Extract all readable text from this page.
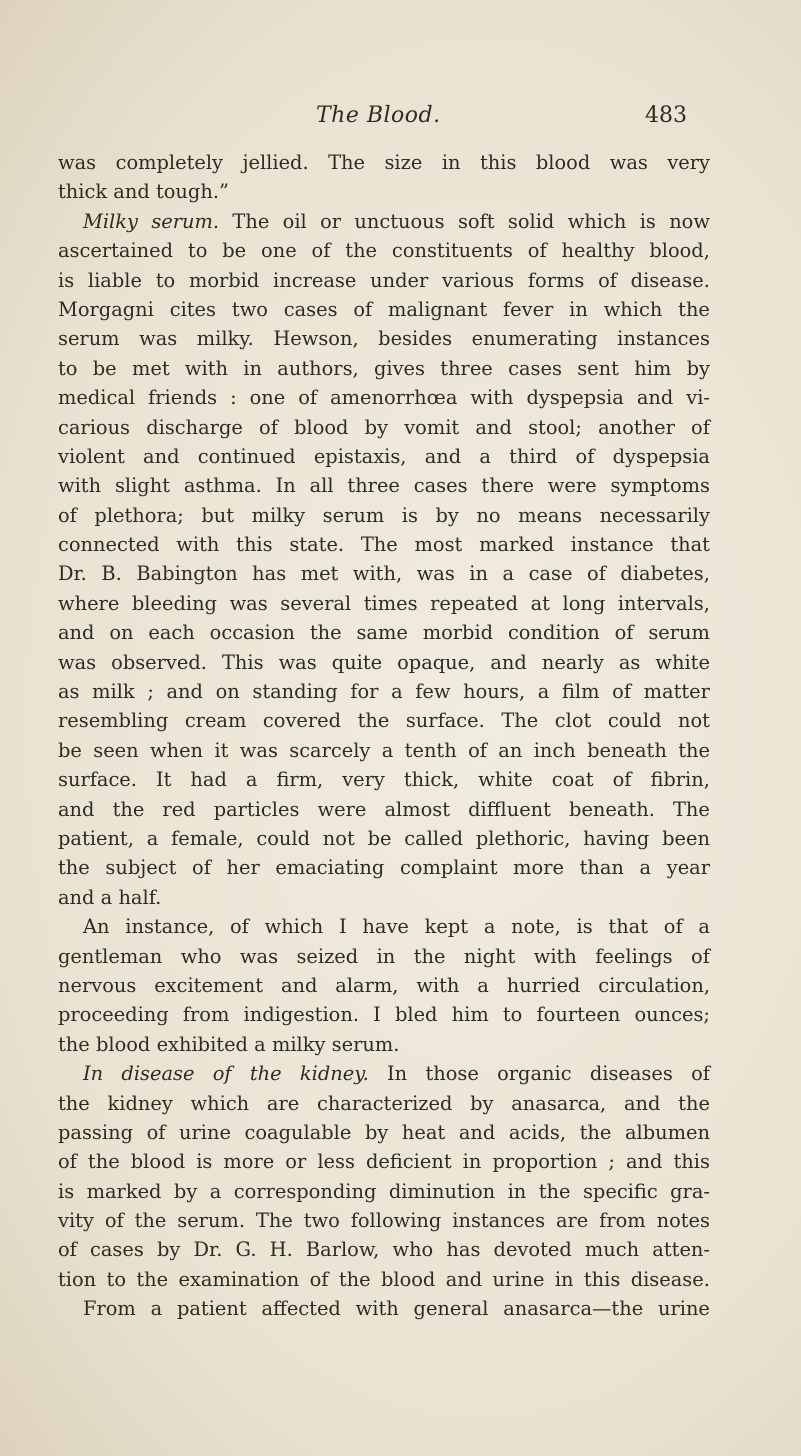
The Blood.	483
was completely jellied. The size in this blood was very
thick and tough.”
Milky serum. The oil or unctuous soft solid which is now
ascertained to be one of the constituents of healthy blood,
is liable to morbid increase under various forms of disease.
Morgagni cites two cases of malignant fever in which the
serum was milky. Hewson, besides enumerating instances
to be met with in authors, gives three cases sent him by
medical friends : one of amenorrhœa with dyspepsia and vi-
carious discharge of blood by vomit and stool; another of
violent and continued epistaxis, and a third of dyspepsia
with slight asthma. In all three cases there were symptoms
of plethora; but milky serum is by no means necessarily
connected with this state. The most marked instance that
Dr. B. Babington has met with, was in a case of diabetes,
where bleeding was several times repeated at long intervals,
and on each occasion the same morbid condition of serum
was observed. This was quite opaque, and nearly as white
as milk ; and on standing for a few hours, a film of matter
resembling cream covered the surface. The clot could not
be seen when it was scarcely a tenth of an inch beneath the
surface. It had a firm, very thick, white coat of fibrin,
and the red particles were almost diffluent beneath. The
patient, a female, could not be called plethoric, having been
the subject of her emaciating complaint more than a year
and a half.
An instance, of which I have kept a note, is that of a
gentleman who was seized in the night with feelings of
nervous excitement and alarm, with a hurried circulation,
proceeding from indigestion. I bled him to fourteen ounces;
the blood exhibited a milky serum.
In disease of the kidney. In those organic diseases of
the kidney which are characterized by anasarca, and the
passing of urine coagulable by heat and acids, the albumen
of the blood is more or less deficient in proportion ; and this
is marked by a corresponding diminution in the specific gra-
vity of the serum. The two following instances are from notes
of cases by Dr. G. H. Barlow, who has devoted much atten-
tion to the examination of the blood and urine in this disease.
From a patient affected with general anasarca—the urine
